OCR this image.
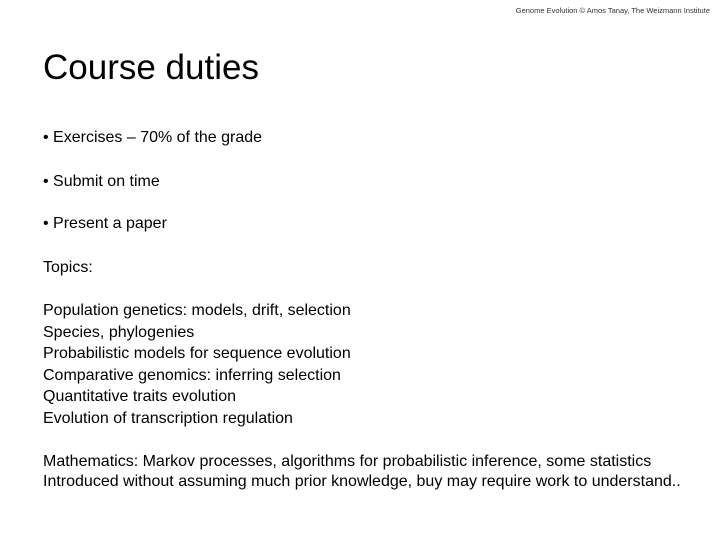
Genome Evolution © Amos Tanay, The Weizmann Institute
Course duties
• Exercises – 70% of the grade
• Submit on time
• Present a paper
Topics:
Population genetics: models, drift, selection
Species, phylogenies
Probabilistic models for sequence evolution
Comparative genomics: inferring selection
Quantitative traits evolution
Evolution of transcription regulation

Mathematics: Markov processes, algorithms for probabilistic inference, some statistics

Introduced without assuming much prior knowledge, buy may require work to understand..
